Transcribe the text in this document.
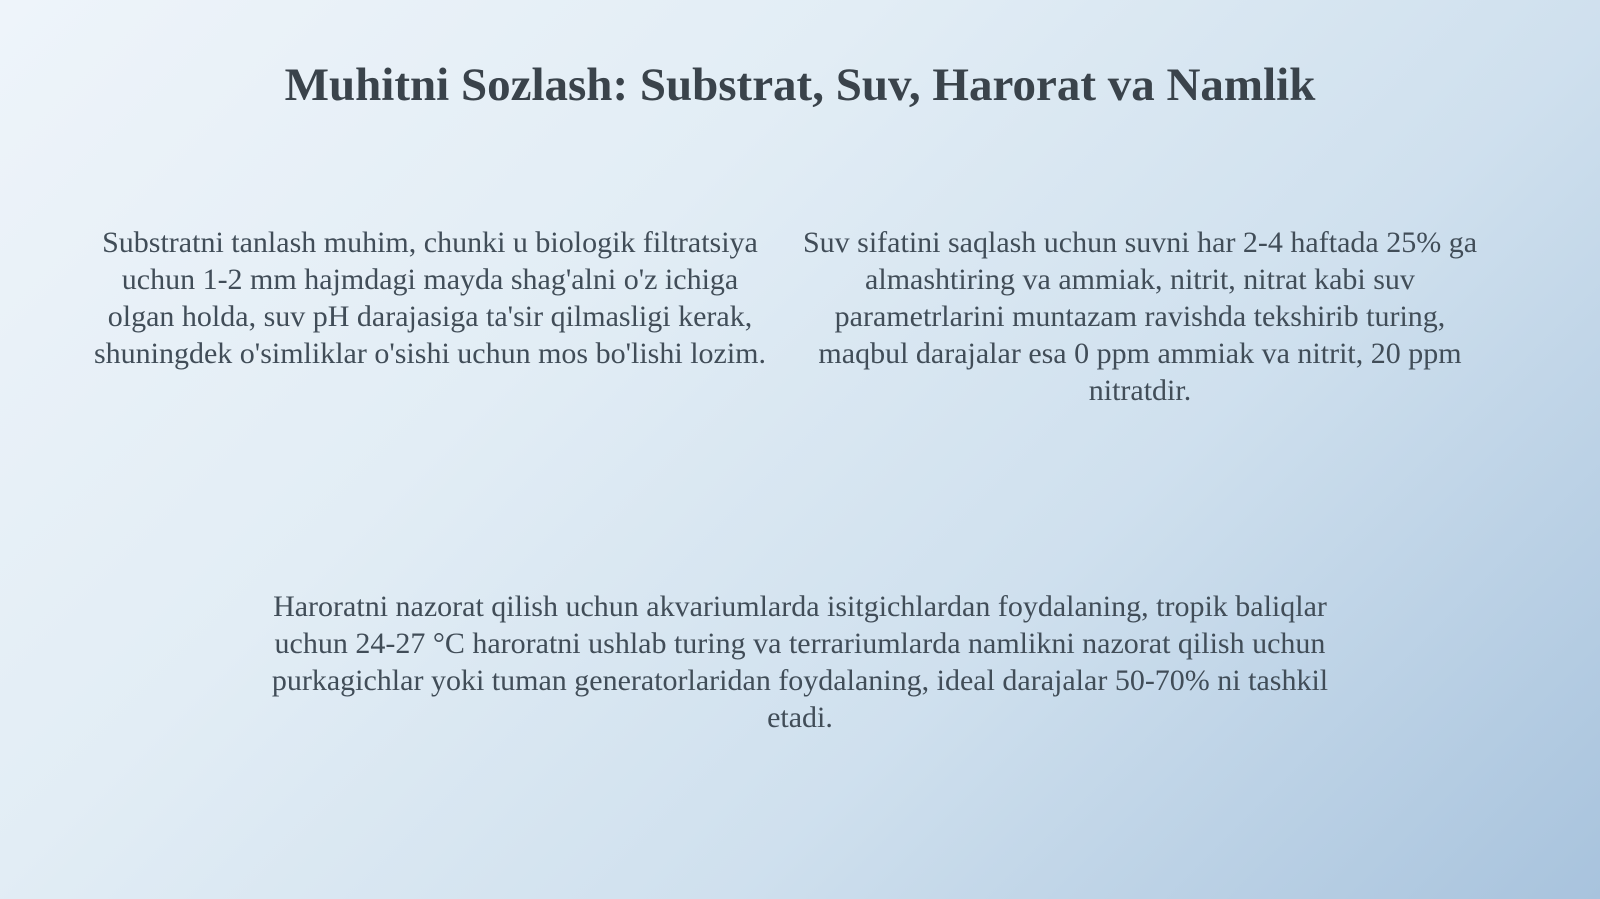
Muhitni Sozlash: Substrat, Suv, Harorat va Namlik

Substratni tanlash muhim, chunki u biologik filtratsiya uchun 1-2 mm hajmdagi mayda shag'alni o'z ichiga olgan holda, suv pH darajasiga ta'sir qilmasligi kerak, shuningdek o'simliklar o'sishi uchun mos bo'lishi lozim.

Suv sifatini saqlash uchun suvni har 2-4 haftada 25% ga almashtiring va ammiak, nitrit, nitrat kabi suv parametrlarini muntazam ravishda tekshirib turing, maqbul darajalar esa 0 ppm ammiak va nitrit, 20 ppm nitratdir.

Haroratni nazorat qilish uchun akvariumlarda isitgichlardan foydalaning, tropik baliqlar uchun 24-27 °C haroratni ushlab turing va terrariumlarda namlikni nazorat qilish uchun purkagichlar yoki tuman generatorlaridan foydalaning, ideal darajalar 50-70% ni tashkil etadi.
